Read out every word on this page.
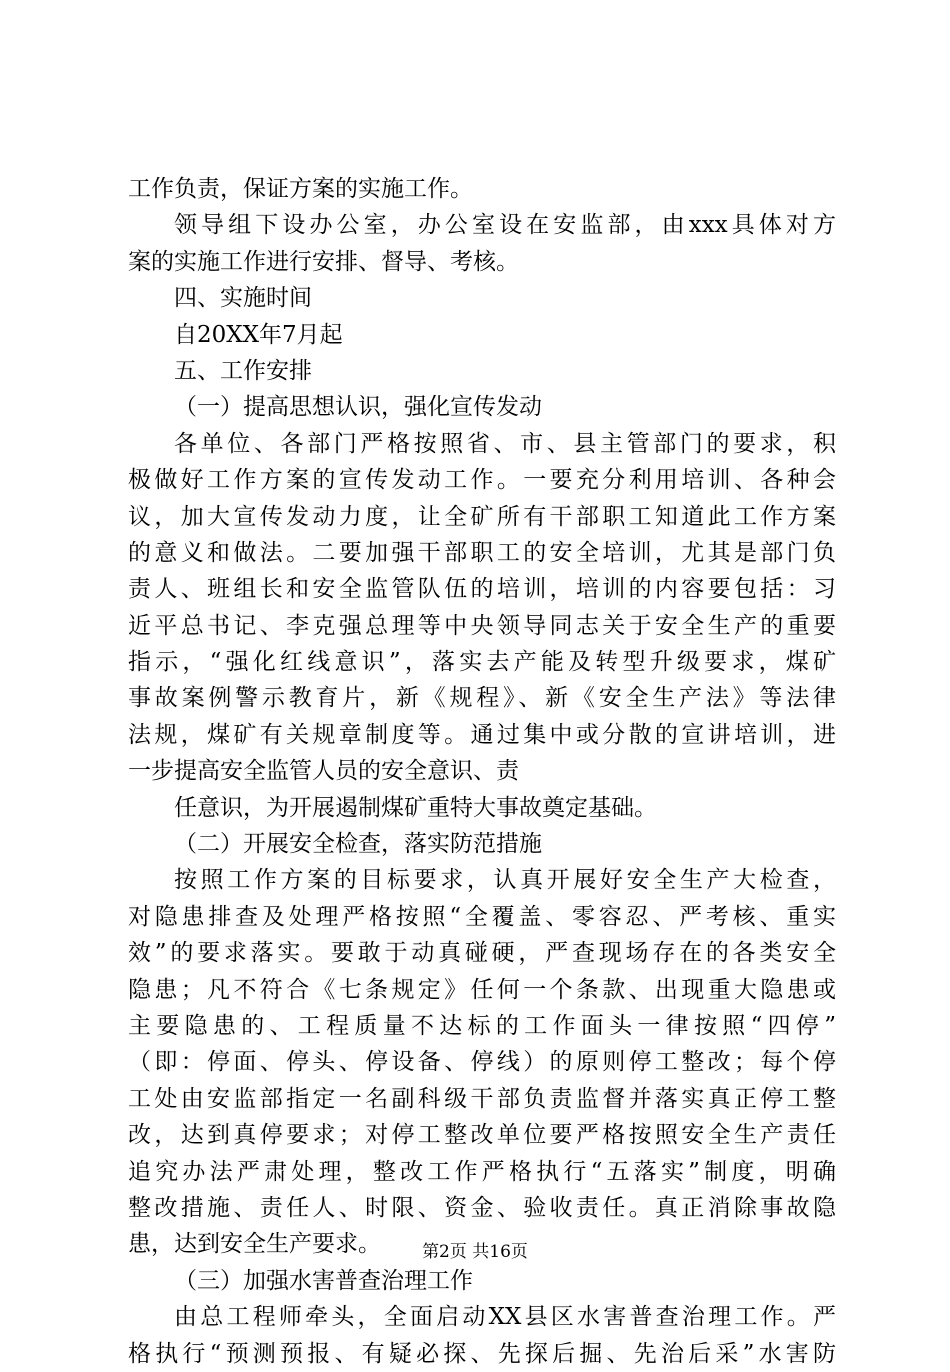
工作负责，保证方案的实施工作。
领导组下设办公室，办公室设在安监部，由xxx具体对方
案的实施工作进行安排、督导、考核。
四、实施时间
自20XX年7月起
五、工作安排
（一）提高思想认识，强化宣传发动
各单位、各部门严格按照省、市、县主管部门的要求，积
极做好工作方案的宣传发动工作。一要充分利用培训、各种会
议，加大宣传发动力度，让全矿所有干部职工知道此工作方案
的意义和做法。二要加强干部职工的安全培训，尤其是部门负
责人、班组长和安全监管队伍的培训，培训的内容要包括：习
近平总书记、李克强总理等中央领导同志关于安全生产的重要
指示，“强化红线意识”，落实去产能及转型升级要求，煤矿
事故案例警示教育片，新《规程》、新《安全生产法》等法律
法规，煤矿有关规章制度等。通过集中或分散的宣讲培训，进
一步提高安全监管人员的安全意识、责
任意识，为开展遏制煤矿重特大事故奠定基础。
（二）开展安全检查，落实防范措施
按照工作方案的目标要求，认真开展好安全生产大检查，
对隐患排查及处理严格按照“全覆盖、零容忍、严考核、重实
效”的要求落实。要敢于动真碰硬，严查现场存在的各类安全
隐患；凡不符合《七条规定》任何一个条款、出现重大隐患或
主要隐患的、工程质量不达标的工作面头一律按照“四停”
（即：停面、停头、停设备、停线）的原则停工整改；每个停
工处由安监部指定一名副科级干部负责监督并落实真正停工整
改，达到真停要求；对停工整改单位要严格按照安全生产责任
追究办法严肃处理，整改工作严格执行“五落实”制度，明确
整改措施、责任人、时限、资金、验收责任。真正消除事故隐
患，达到安全生产要求。
（三）加强水害普查治理工作
由总工程师牵头，全面启动XX县区水害普查治理工作。严
格执行“预测预报、有疑必探、先探后掘、先治后采”水害防
第2页 共16页
